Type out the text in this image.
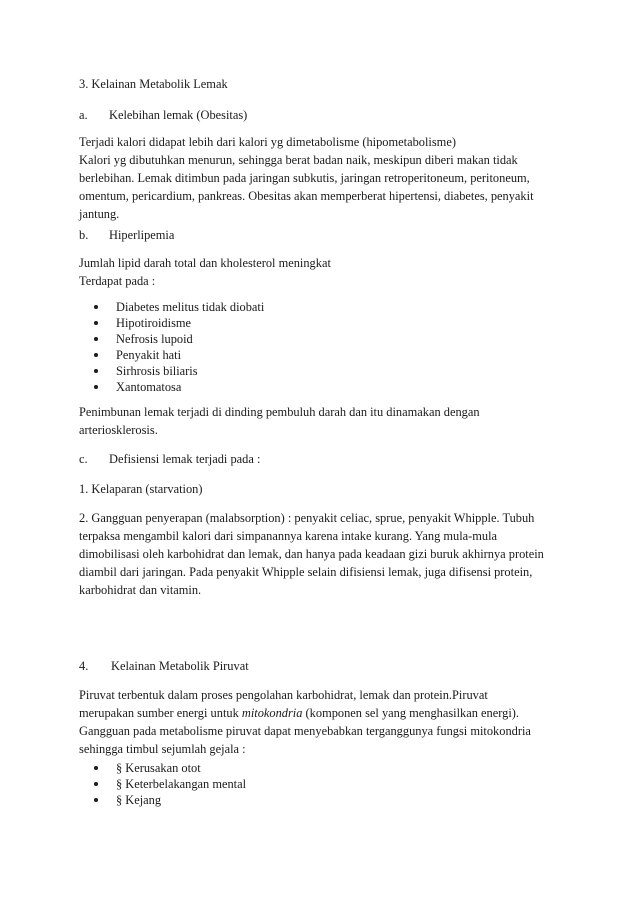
3. Kelainan Metabolik Lemak
a. Kelebihan lemak (Obesitas)
Terjadi kalori didapat lebih dari kalori yg dimetabolisme (hipometabolisme)
Kalori yg dibutuhkan menurun, sehingga berat badan naik, meskipun diberi makan tidak
berlebihan. Lemak ditimbun pada jaringan subkutis, jaringan retroperitoneum, peritoneum,
omentum, pericardium, pankreas. Obesitas akan memperberat hipertensi, diabetes, penyakit
jantung.
b. Hiperlipemia
Jumlah lipid darah total dan kholesterol meningkat
Terdapat pada :
Diabetes melitus tidak diobati
Hipotiroidisme
Nefrosis lupoid
Penyakit hati
Sirhrosis biliaris
Xantomatosa
Penimbunan lemak terjadi di dinding pembuluh darah dan itu dinamakan dengan
arteriosklerosis.
c. Defisiensi lemak terjadi pada :
1. Kelaparan (starvation)
2. Gangguan penyerapan (malabsorption) : penyakit celiac, sprue, penyakit Whipple. Tubuh
terpaksa mengambil kalori dari simpanannya karena intake kurang. Yang mula-mula
dimobilisasi oleh karbohidrat dan lemak, dan hanya pada keadaan gizi buruk akhirnya protein
diambil dari jaringan. Pada penyakit Whipple selain difisiensi lemak, juga difisensi protein,
karbohidrat dan vitamin.
4. Kelainan Metabolik Piruvat
Piruvat terbentuk dalam proses pengolahan karbohidrat, lemak dan protein.Piruvat
merupakan sumber energi untuk mitokondria (komponen sel yang menghasilkan energi).
Gangguan pada metabolisme piruvat dapat menyebabkan terganggunya fungsi mitokondria
sehingga timbul sejumlah gejala :
§ Kerusakan otot
§ Keterbelakangan mental
§ Kejang
